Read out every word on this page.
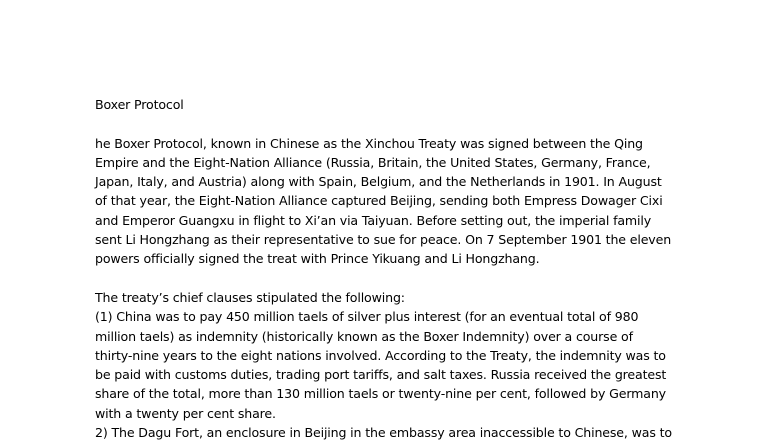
Boxer Protocol
he Boxer Protocol, known in Chinese as the Xinchou Treaty was signed between the Qing
Empire and the Eight-Nation Alliance (Russia, Britain, the United States, Germany, France,
Japan, Italy, and Austria) along with Spain, Belgium, and the Netherlands in 1901. In August
of that year, the Eight-Nation Alliance captured Beijing, sending both Empress Dowager Cixi
and Emperor Guangxu in flight to Xi’an via Taiyuan. Before setting out, the imperial family
sent Li Hongzhang as their representative to sue for peace. On 7 September 1901 the eleven
powers officially signed the treat with Prince Yikuang and Li Hongzhang.
The treaty’s chief clauses stipulated the following:
(1) China was to pay 450 million taels of silver plus interest (for an eventual total of 980
million taels) as indemnity (historically known as the Boxer Indemnity) over a course of
thirty-nine years to the eight nations involved. According to the Treaty, the indemnity was to
be paid with customs duties, trading port tariffs, and salt taxes. Russia received the greatest
share of the total, more than 130 million taels or twenty-nine per cent, followed by Germany
with a twenty per cent share.
2) The Dagu Fort, an enclosure in Beijing in the embassy area inaccessible to Chinese, was to
